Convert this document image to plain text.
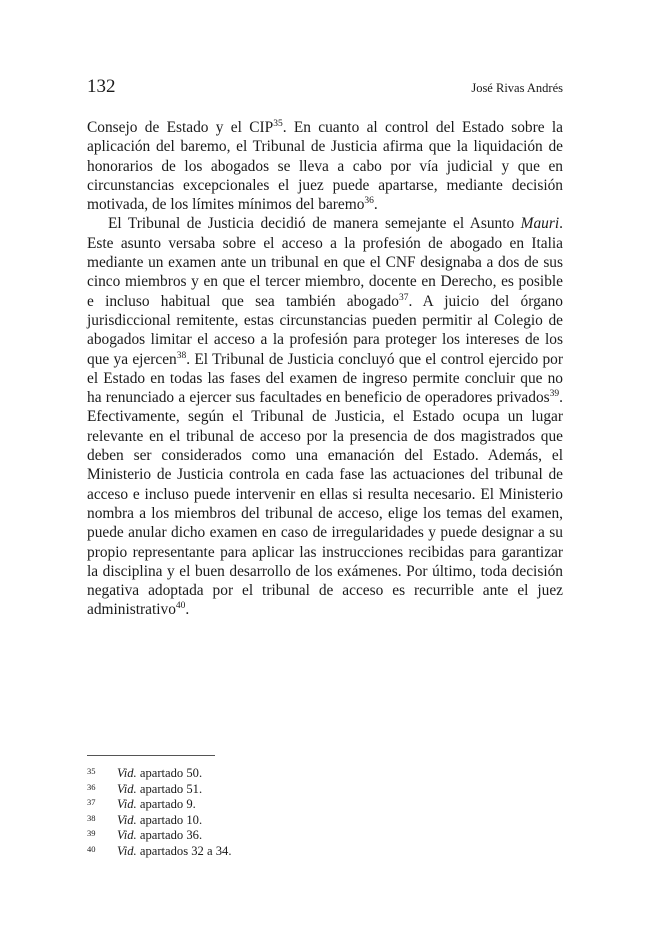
132	José Rivas Andrés

Consejo de Estado y el CIP$^{35}$. En cuanto al control del Estado sobre la aplicación del baremo, el Tribunal de Justicia afirma que la liquidación de honorarios de los abogados se lleva a cabo por vía judicial y que en circunstancias excepcionales el juez puede apartarse, mediante decisión motivada, de los límites mínimos del baremo$^{36}$.

El Tribunal de Justicia decidió de manera semejante el Asunto Mauri. Este asunto versaba sobre el acceso a la profesión de abogado en Italia mediante un examen ante un tribunal en que el CNF designaba a dos de sus cinco miembros y en que el tercer miembro, docente en Derecho, es posible e incluso habitual que sea también abogado$^{37}$. A juicio del órgano jurisdiccional remitente, estas circunstancias pueden permitir al Colegio de abogados limitar el acceso a la profesión para proteger los intereses de los que ya ejercen$^{38}$. El Tribunal de Justicia concluyó que el control ejercido por el Estado en todas las fases del examen de ingreso permite concluir que no ha renunciado a ejercer sus facultades en beneficio de operadores privados$^{39}$. Efectivamente, según el Tribunal de Justicia, el Estado ocupa un lugar relevante en el tribunal de acceso por la presencia de dos magistrados que deben ser considerados como una emanación del Estado. Además, el Ministerio de Justicia controla en cada fase las actuaciones del tribunal de acceso e incluso puede intervenir en ellas si resulta necesario. El Ministerio nombra a los miembros del tribunal de acceso, elige los temas del examen, puede anular dicho examen en caso de irregularidades y puede designar a su propio representante para aplicar las instrucciones recibidas para garantizar la disciplina y el buen desarrollo de los exámenes. Por último, toda decisión negativa adoptada por el tribunal de acceso es recurrible ante el juez administrativo$^{40}$.

35	Vid. apartado 50.
36	Vid. apartado 51.
37	Vid. apartado 9.
38	Vid. apartado 10.
39	Vid. apartado 36.
40	Vid. apartados 32 a 34.
